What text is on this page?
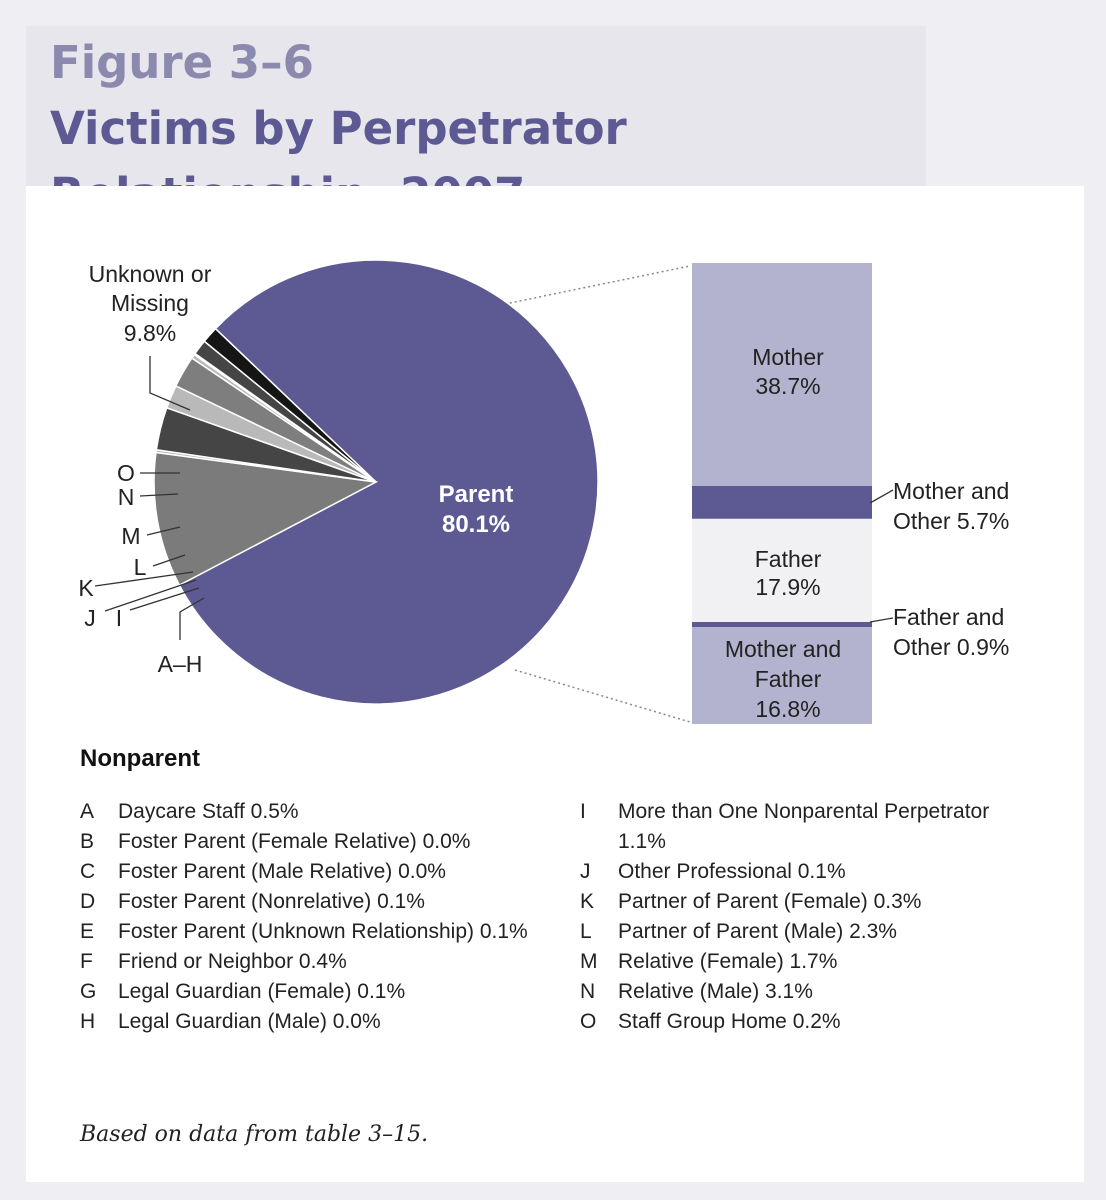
Figure 3–6Victims by Perpetrator
Unknown or
Missing
9.8%
O
N
M
L
K
J I
A–H
Parent
80.1%
Mother
38.7%
Father
17.9%
Mother and
Father
16.8%
Mother and
Other 5.7%
Father and
Other 0.9%
Nonparent
A	Daycare Staff 0.5%
B	Foster Parent (Female Relative) 0.0%
C	Foster Parent (Male Relative) 0.0%
D	Foster Parent (Nonrelative) 0.1%
E	Foster Parent (Unknown Relationship) 0.1%
F	Friend or Neighbor 0.4%
G	Legal Guardian (Female) 0.1%
H	Legal Guardian (Male) 0.0%
I	More than One Nonparental Perpetrator 1.1%
J	Other Professional 0.1%
K	Partner of Parent (Female) 0.3%
L	Partner of Parent (Male) 2.3%
M Relative (Female) 1.7%
N	Relative (Male) 3.1%
O	Staff Group Home 0.2%

Based on data from table 3–15.
